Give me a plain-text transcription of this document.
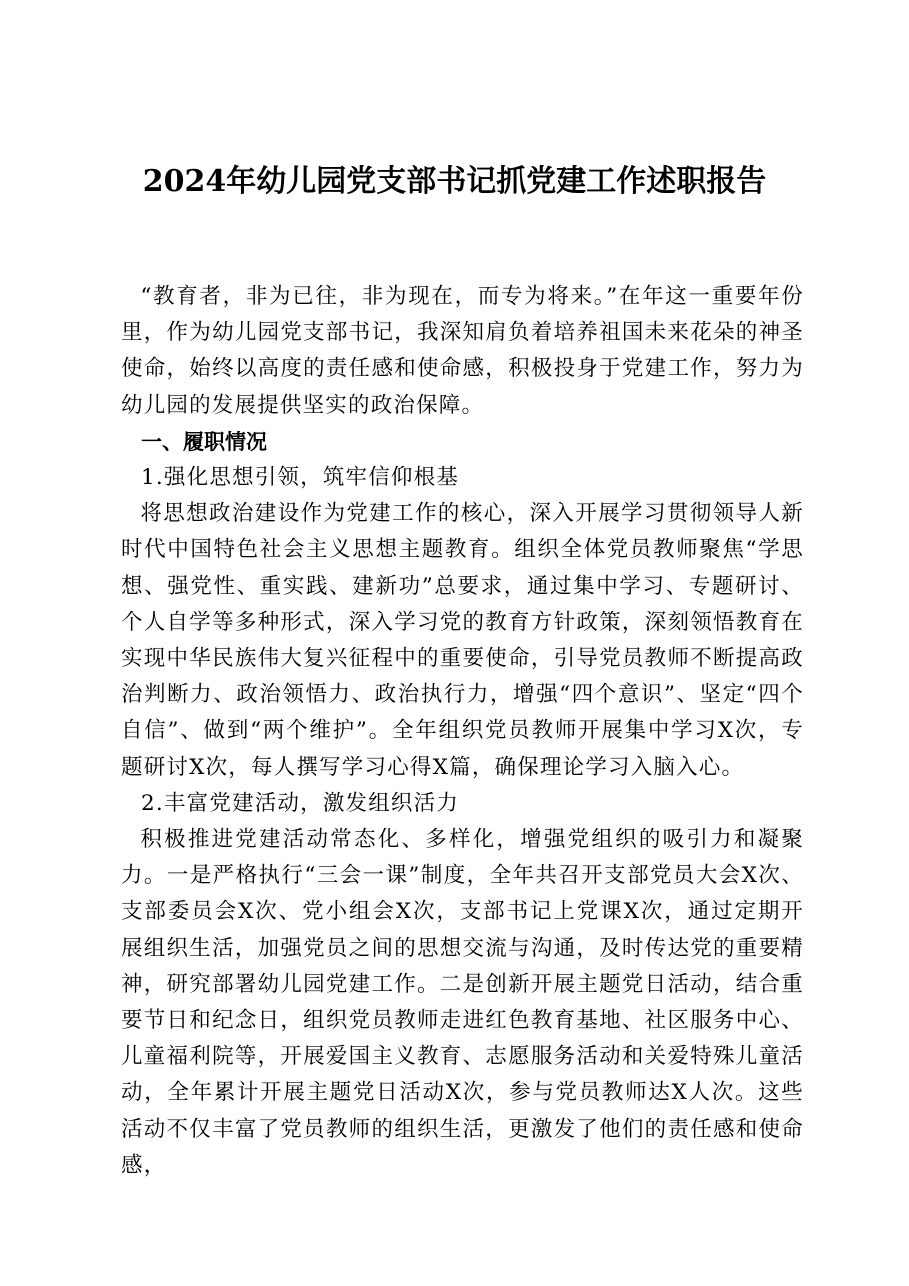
2024年幼儿园党支部书记抓党建工作述职报告

“教育者，非为已往，非为现在，而专为将来。”在年这一重要年份里，作为幼儿园党支部书记，我深知肩负着培养祖国未来花朵的神圣使命，始终以高度的责任感和使命感，积极投身于党建工作，努力为幼儿园的发展提供坚实的政治保障。

一、履职情况

1.强化思想引领，筑牢信仰根基

将思想政治建设作为党建工作的核心，深入开展学习贯彻领导人新时代中国特色社会主义思想主题教育。组织全体党员教师聚焦“学思想、强党性、重实践、建新功”总要求，通过集中学习、专题研讨、个人自学等多种形式，深入学习党的教育方针政策，深刻领悟教育在实现中华民族伟大复兴征程中的重要使命，引导党员教师不断提高政治判断力、政治领悟力、政治执行力，增强“四个意识”、坚定“四个自信”、做到“两个维护”。全年组织党员教师开展集中学习X次，专题研讨X次，每人撰写学习心得X篇，确保理论学习入脑入心。

2.丰富党建活动，激发组织活力

积极推进党建活动常态化、多样化，增强党组织的吸引力和凝聚力。一是严格执行“三会一课”制度，全年共召开支部党员大会X次、支部委员会X次、党小组会X次，支部书记上党课X次，通过定期开展组织生活，加强党员之间的思想交流与沟通，及时传达党的重要精神，研究部署幼儿园党建工作。二是创新开展主题党日活动，结合重要节日和纪念日，组织党员教师走进红色教育基地、社区服务中心、儿童福利院等，开展爱国主义教育、志愿服务活动和关爱特殊儿童活动，全年累计开展主题党日活动X次，参与党员教师达X人次。这些活动不仅丰富了党员教师的组织生活，更激发了他们的责任感和使命感，
